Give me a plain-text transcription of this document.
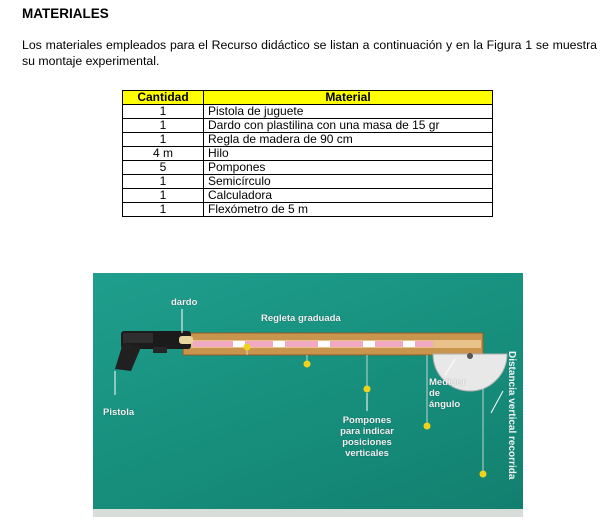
MATERIALES

Los materiales empleados para el Recurso didáctico se listan a continuación y en la Figura 1 se muestra su montaje experimental.

Cantidad	Material
1	Pistola de juguete
1	Dardo con plastilina con una masa de 15 gr
1	Regla de madera de 90 cm
4 m	Hilo
5	Pompones
1	Semicírculo
1	Calculadora
1	Flexómetro de 5 m
dardo
Regleta graduada
Pistola
Medidor
de
ángulo
Pompones
para indicar
posiciones
verticales	Distancia vertical recorrida
